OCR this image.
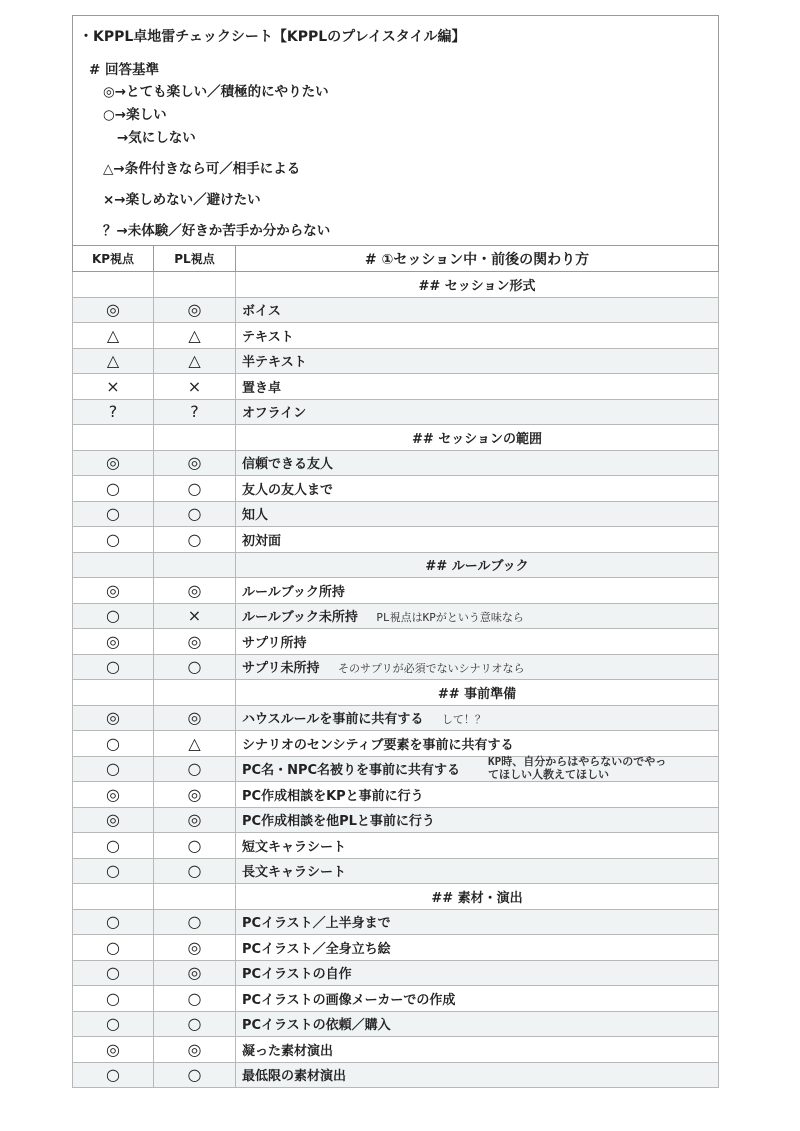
・KPPL卓地雷チェックシート【KPPLのプレイスタイル編】
# 回答基準
◎→とても楽しい／積極的にやりたい
○→楽しい
→気にしない
△→条件付きなら可／相手による
×→楽しめない／避けたい
？→未体験／好きか苦手か分からない
KP視点	PL視点	# ①セッション中・前後の関わり方
		## セッション形式
◎	◎	ボイス
△	△	テキスト
△	△	半テキスト
×	×	置き卓
?	?	オフライン
		## セッションの範囲
◎	◎	信頼できる友人
○	○	友人の友人まで
○	○	知人
○	○	初対面
		## ルールブック
◎	◎	ルールブック所持
○	×	ルールブック未所持 PL視点はKPがという意味なら
◎	◎	サプリ所持
○	○	サプリ未所持 そのサプリが必須でないシナリオなら
		## 事前準備
◎	◎	ハウスルールを事前に共有する して！？
○	△	シナリオのセンシティブ要素を事前に共有する
○	○	PC名・NPC名被りを事前に共有する
KP時、自分からはやらないのでやっ
てほしい人教えてほしい

◎	◎	PC作成相談をKPと事前に行う
◎	◎	PC作成相談を他PLと事前に行う
○	○	短文キャラシート
○	○	長文キャラシート
		## 素材・演出
○	○	PCイラスト／上半身まで
○	◎	PCイラスト／全身立ち絵
○	◎	PCイラストの自作
○	○	PCイラストの画像メーカーでの作成
○	○	PCイラストの依頼／購入
◎	◎	凝った素材演出
○	○	最低限の素材演出
